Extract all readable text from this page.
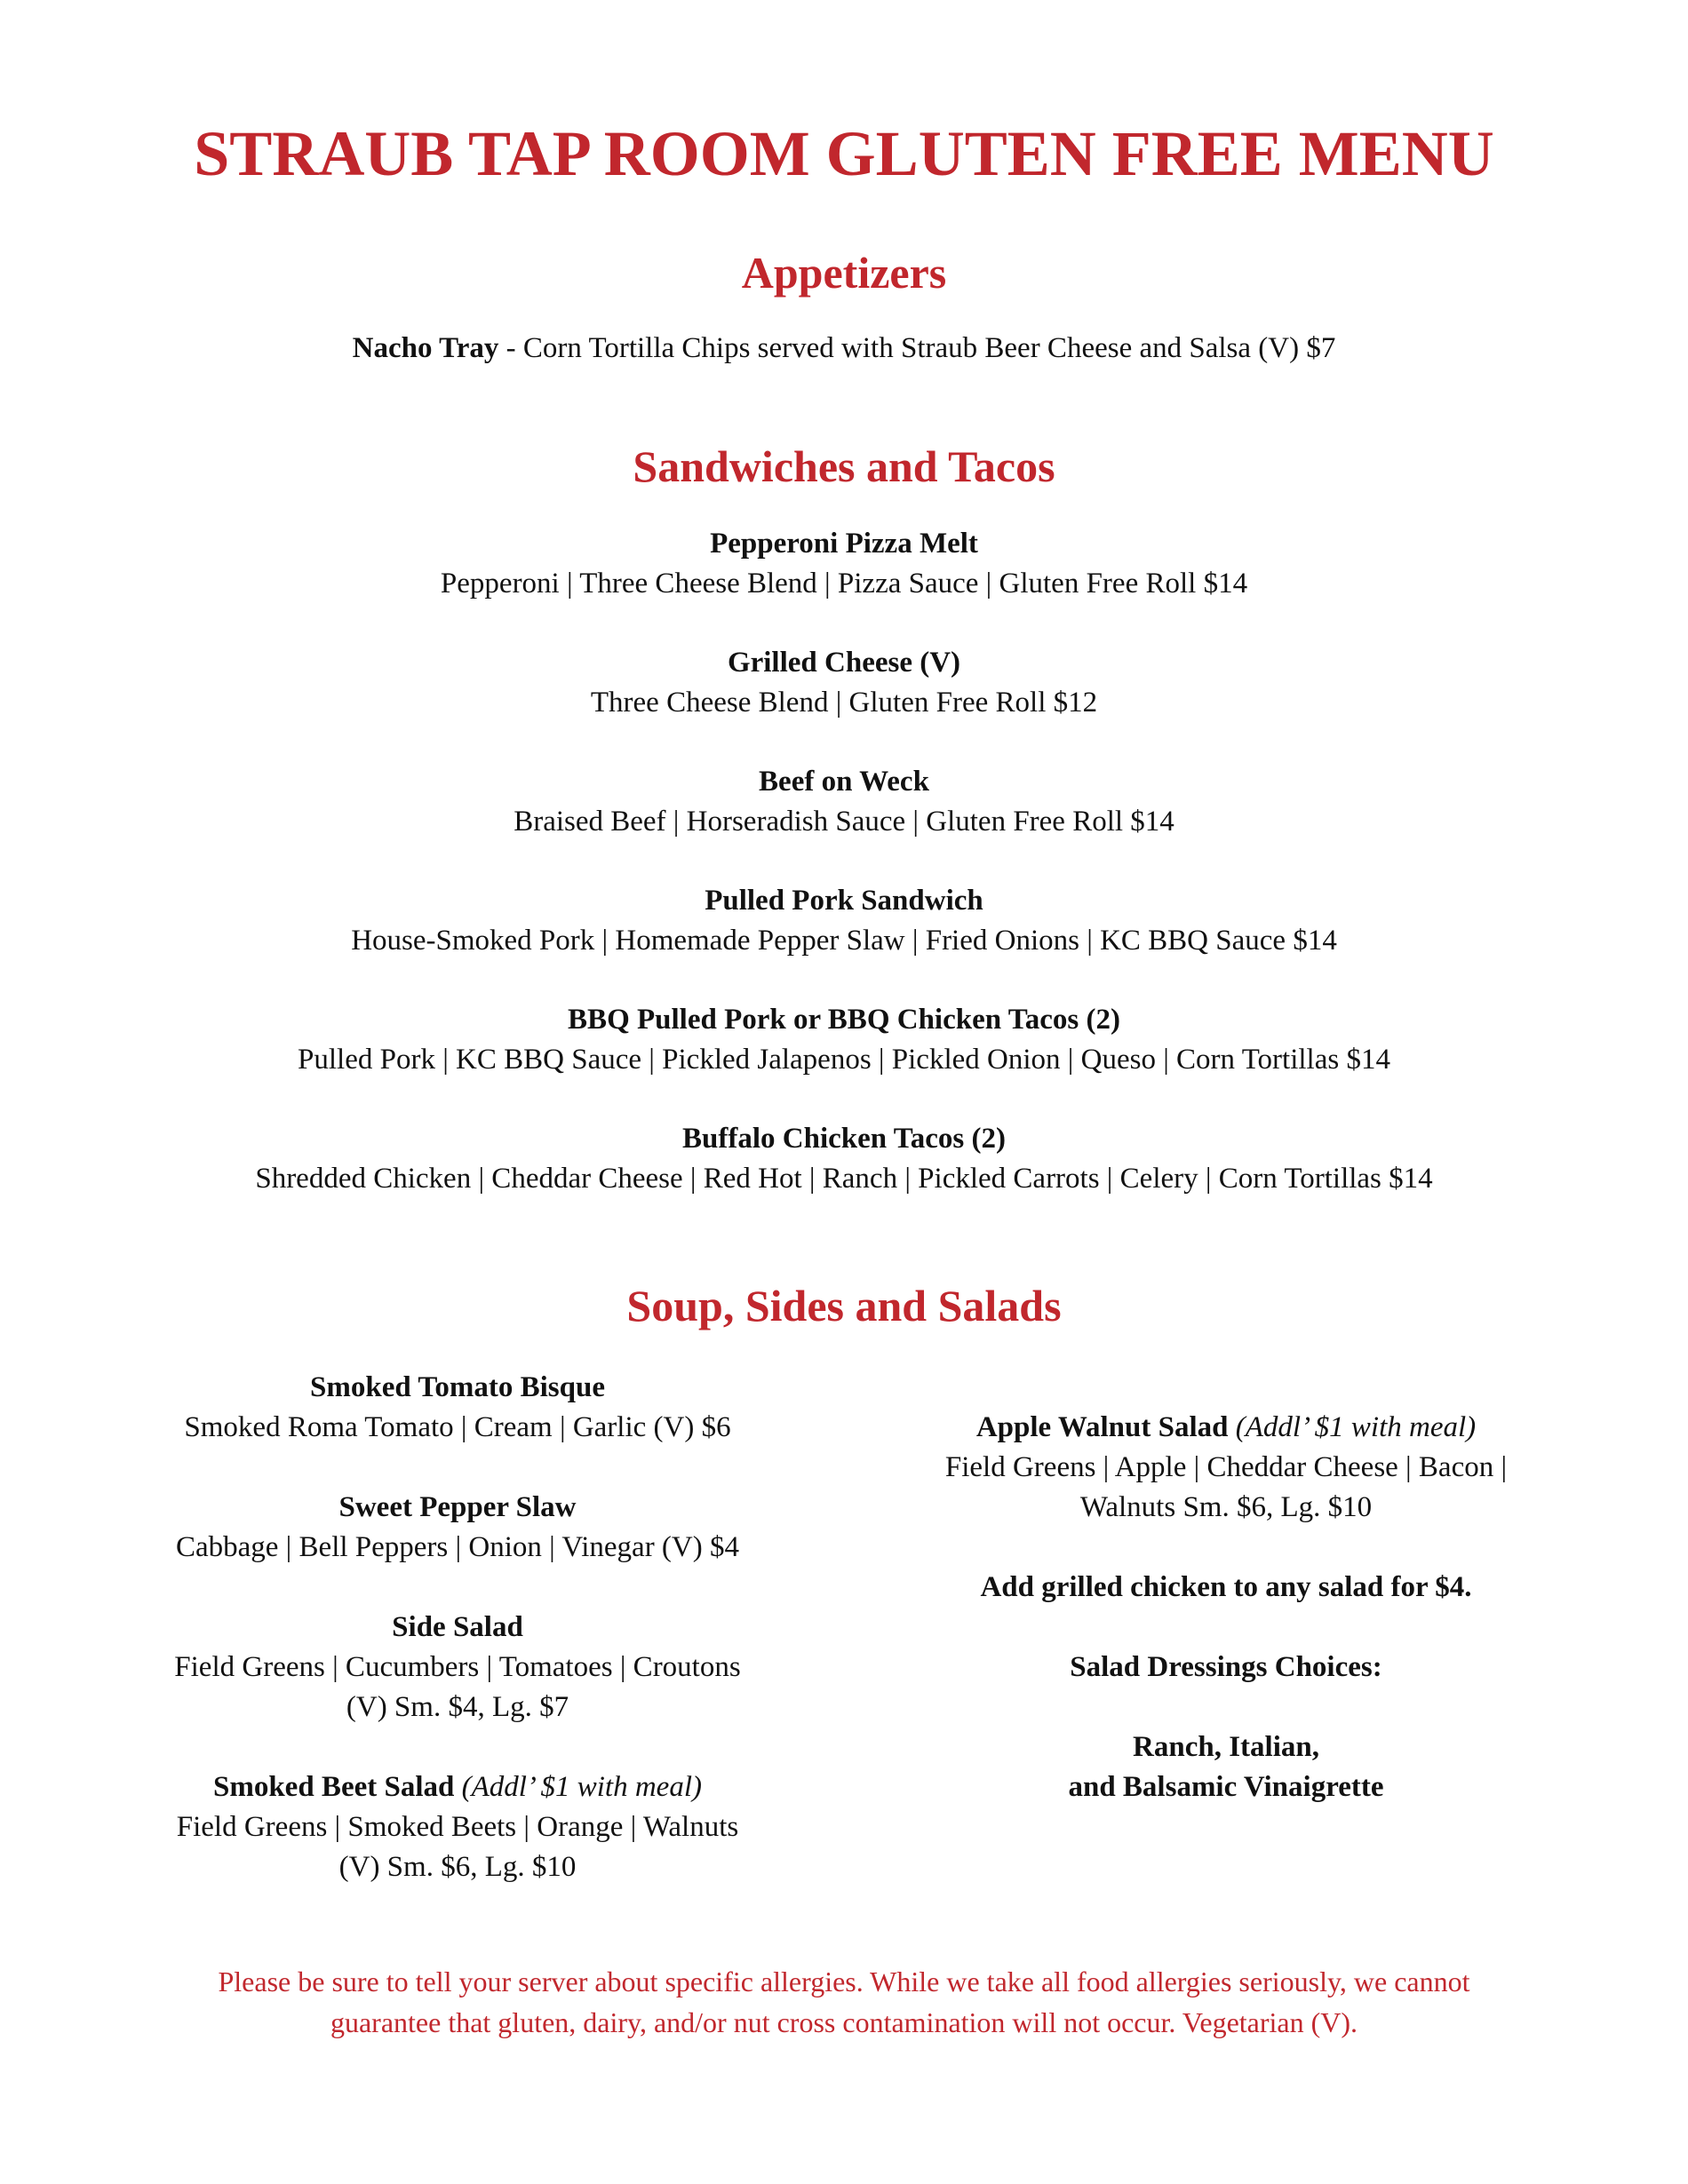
STRAUB TAP ROOM GLUTEN FREE MENU
Appetizers
Nacho Tray - Corn Tortilla Chips served with Straub Beer Cheese and Salsa (V) $7
Sandwiches and Tacos
Pepperoni Pizza Melt
Pepperoni | Three Cheese Blend | Pizza Sauce | Gluten Free Roll $14
Grilled Cheese (V)
Three Cheese Blend | Gluten Free Roll $12
Beef on Weck
Braised Beef | Horseradish Sauce | Gluten Free Roll $14
Pulled Pork Sandwich
House-Smoked Pork | Homemade Pepper Slaw | Fried Onions | KC BBQ Sauce $14
BBQ Pulled Pork or BBQ Chicken Tacos (2)
Pulled Pork | KC BBQ Sauce | Pickled Jalapenos | Pickled Onion | Queso | Corn Tortillas $14
Buffalo Chicken Tacos (2)
Shredded Chicken | Cheddar Cheese | Red Hot | Ranch | Pickled Carrots | Celery | Corn Tortillas $14
Soup, Sides and Salads
Smoked Tomato Bisque
Smoked Roma Tomato | Cream | Garlic (V) $6
Sweet Pepper Slaw
Cabbage | Bell Peppers | Onion | Vinegar (V) $4
Side Salad
Field Greens | Cucumbers | Tomatoes | Croutons
(V) Sm. $4, Lg. $7
Smoked Beet Salad (Addl’ $1 with meal)
Field Greens | Smoked Beets | Orange | Walnuts
(V) Sm. $6, Lg. $10
Apple Walnut Salad (Addl’ $1 with meal)
Field Greens | Apple | Cheddar Cheese | Bacon |
Walnuts Sm. $6, Lg. $10
Add grilled chicken to any salad for $4.
Salad Dressings Choices:
Ranch, Italian,
and Balsamic Vinaigrette
Please be sure to tell your server about specific allergies. While we take all food allergies seriously, we cannot
guarantee that gluten, dairy, and/or nut cross contamination will not occur. Vegetarian (V).
